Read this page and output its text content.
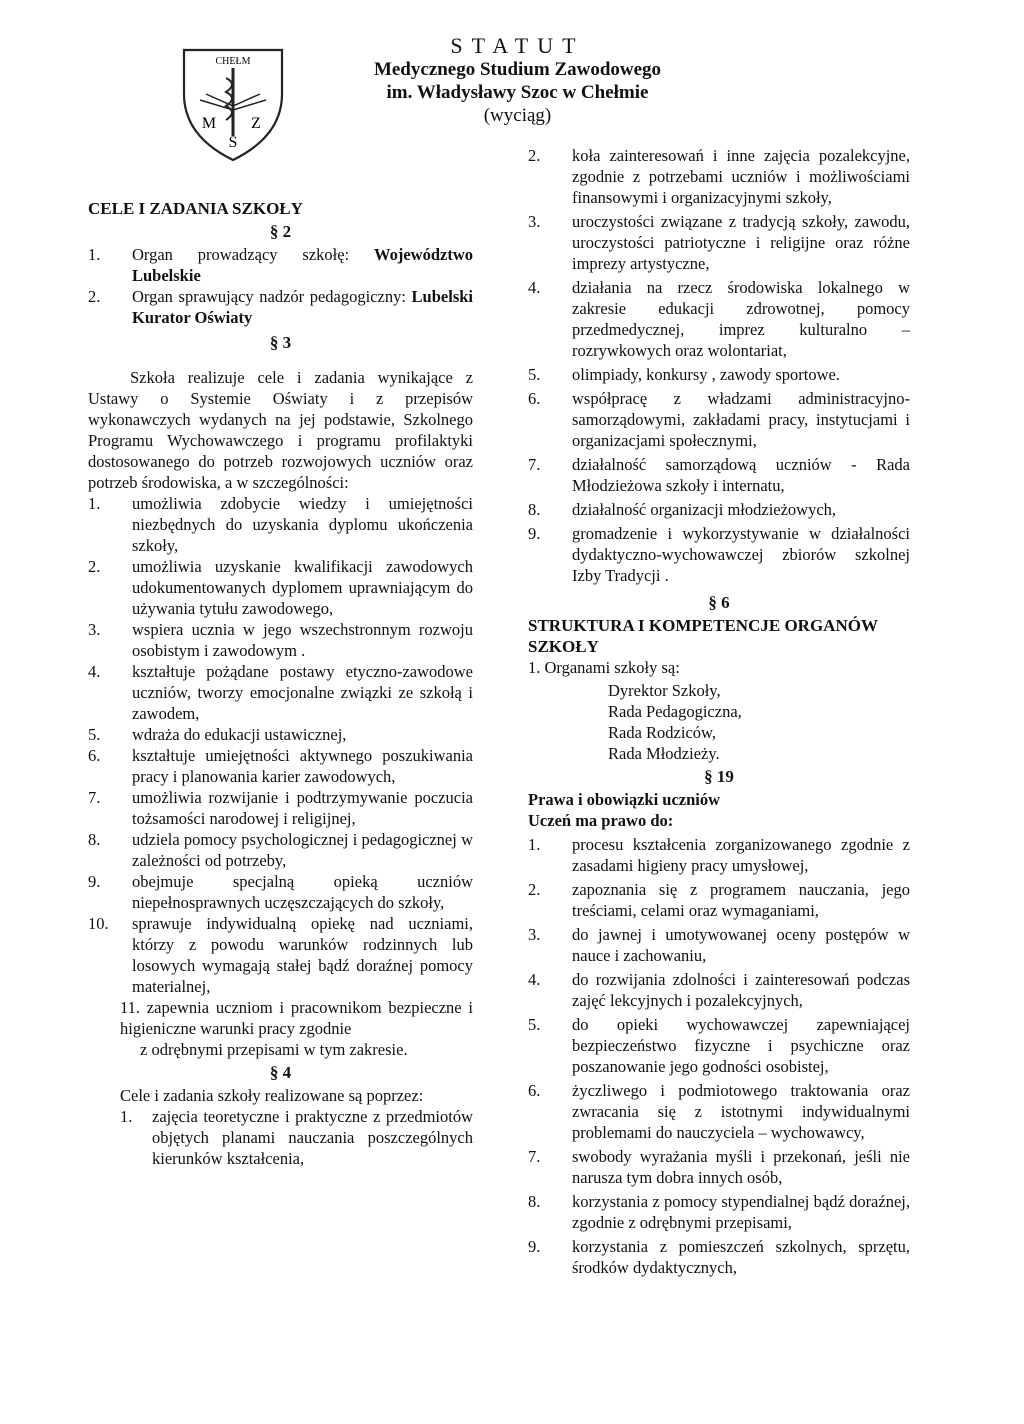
CHEŁM
M Z
S
STATUT
Medycznego Studium Zawodowego
im. Władysławy Szoc w Chełmie
(wyciąg)
CELE I ZADANIA SZKOŁY
§ 2
1.	Organ prowadzący szkołę: Województwo Lubelskie
2.	Organ sprawujący nadzór pedagogiczny: Lubelski Kurator Oświaty
§ 3

Szkoła realizuje cele i zadania wynikające z Ustawy o Systemie Oświaty i z przepisów wykonawczych wydanych na jej podstawie, Szkolnego Programu Wychowawczego i programu profilaktyki dostosowanego do potrzeb rozwojowych uczniów oraz potrzeb środowiska, a w szczególności:

1.	umożliwia zdobycie wiedzy i umiejętności niezbędnych do uzyskania dyplomu ukończenia szkoły,
2.	umożliwia uzyskanie kwalifikacji zawodowych udokumentowanych dyplomem uprawniającym do używania tytułu zawodowego,
3.	wspiera ucznia w jego wszechstronnym rozwoju osobistym i zawodowym .
4.	kształtuje pożądane postawy etyczno-zawodowe uczniów, tworzy emocjonalne związki ze szkołą i zawodem,
5.	wdraża do edukacji ustawicznej,
6.	kształtuje umiejętności aktywnego poszukiwania pracy i planowania karier zawodowych,
7.	umożliwia rozwijanie i podtrzymywanie poczucia tożsamości narodowej i religijnej,
8.	udziela pomocy psychologicznej i pedagogicznej w zależności od potrzeby,
9.	obejmuje specjalną opieką uczniów niepełnosprawnych uczęszczających do szkoły,
10.	sprawuje indywidualną opiekę nad uczniami, którzy z powodu warunków rodzinnych lub losowych wymagają stałej bądź doraźnej pomocy materialnej,
11. zapewnia uczniom i pracownikom bezpieczne i higieniczne warunki pracy zgodnie
z odrębnymi przepisami w tym zakresie.
§ 4
Cele i zadania szkoły realizowane są poprzez:
1.	zajęcia teoretyczne i praktyczne z przedmiotów objętych planami nauczania poszczególnych kierunków kształcenia,
2.	koła zainteresowań i inne zajęcia pozalekcyjne, zgodnie z potrzebami uczniów i możliwościami finansowymi i organizacyjnymi szkoły,
3.	uroczystości związane z tradycją szkoły, zawodu, uroczystości patriotyczne i religijne oraz różne imprezy artystyczne,
4.	działania na rzecz środowiska lokalnego w zakresie edukacji zdrowotnej, pomocy przedmedycznej, imprez kulturalno – rozrywkowych oraz wolontariat,
5.	olimpiady, konkursy , zawody sportowe.
6.	współpracę z władzami administracyjno-samorządowymi, zakładami pracy, instytucjami i organizacjami społecznymi,
7.	działalność samorządową uczniów - Rada Młodzieżowa szkoły i internatu,
8.	działalność organizacji młodzieżowych,
9.	gromadzenie i wykorzystywanie w działalności dydaktyczno-wychowawczej zbiorów szkolnej Izby Tradycji .
§ 6
STRUKTURA I KOMPETENCJE ORGANÓW SZKOŁY
1. Organami szkoły są:
Dyrektor Szkoły,
Rada Pedagogiczna,
Rada Rodziców,
Rada Młodzieży.
§ 19
Prawa i obowiązki uczniów
Uczeń ma prawo do:
1.	procesu kształcenia zorganizowanego zgodnie z zasadami higieny pracy umysłowej,
2.	zapoznania się z programem nauczania, jego treściami, celami oraz wymaganiami,
3.	do jawnej i umotywowanej oceny postępów w nauce i zachowaniu,
4.	do rozwijania zdolności i zainteresowań podczas zajęć lekcyjnych i pozalekcyjnych,
5.	do opieki wychowawczej zapewniającej bezpieczeństwo fizyczne i psychiczne oraz poszanowanie jego godności osobistej,
6.	życzliwego i podmiotowego traktowania oraz zwracania się z istotnymi indywidualnymi problemami do nauczyciela – wychowawcy,
7.	swobody wyrażania myśli i przekonań, jeśli nie narusza tym dobra innych osób,
8.	korzystania z pomocy stypendialnej bądź doraźnej, zgodnie z odrębnymi przepisami,
9.	korzystania z pomieszczeń szkolnych, sprzętu, środków dydaktycznych,
